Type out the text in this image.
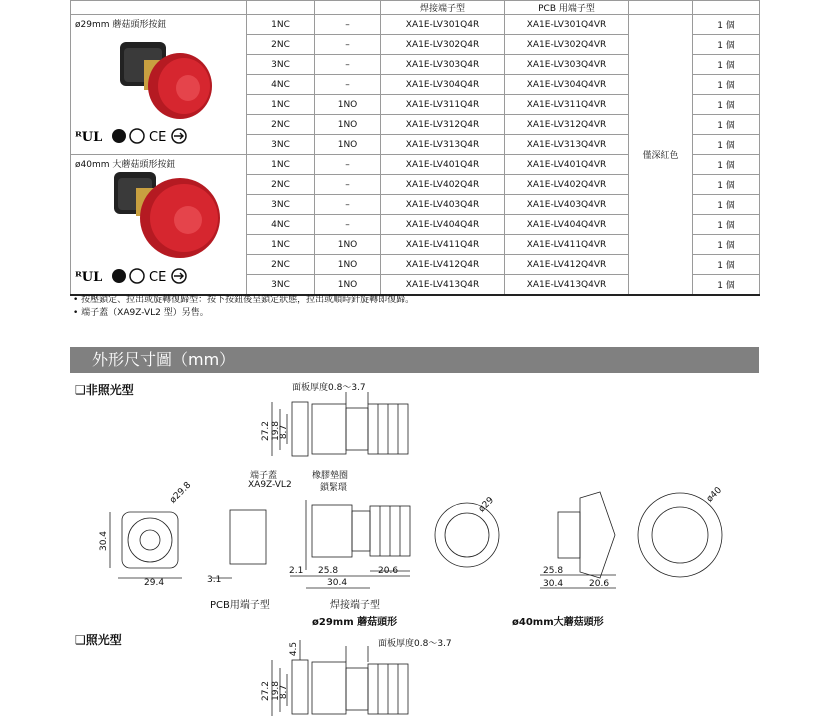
			焊接端子型	PCB 用端子型		

ø29mm 蘑菇頭形按鈕	1NC	–	XA1E-LV301Q4R	XA1E-LV301Q4VR	僅深紅色	1 個
	2NC	–	XA1E-LV302Q4R	XA1E-LV302Q4VR		1 個
	3NC	–	XA1E-LV303Q4R	XA1E-LV303Q4VR		1 個
	4NC	–	XA1E-LV304Q4R	XA1E-LV304Q4VR		1 個
	1NC	1NO	XA1E-LV311Q4R	XA1E-LV311Q4VR		1 個
	2NC	1NO	XA1E-LV312Q4R	XA1E-LV312Q4VR		1 個
	3NC	1NO	XA1E-LV313Q4R	XA1E-LV313Q4VR		1 個

ø40mm 大蘑菇頭形按鈕	1NC	–	XA1E-LV401Q4R	XA1E-LV401Q4VR		1 個
	2NC	–	XA1E-LV402Q4R	XA1E-LV402Q4VR		1 個
	3NC	–	XA1E-LV403Q4R	XA1E-LV403Q4VR		1 個
	4NC	–	XA1E-LV404Q4R	XA1E-LV404Q4VR		1 個
	1NC	1NO	XA1E-LV411Q4R	XA1E-LV411Q4VR		1 個
	2NC	1NO	XA1E-LV412Q4R	XA1E-LV412Q4VR		1 個
	3NC	1NO	XA1E-LV413Q4R	XA1E-LV413Q4VR		1 個
ᴿUL	CE
ᴿUL	CE
• 按壓鎖定、拉出或旋轉復歸型：按下按鈕後呈鎖定狀態，拉出或順時針旋轉即復歸。
• 端子蓋（XA9Z-VL2 型）另售。
外形尺寸圖（mm）
❑非照光型
❑照光型
面板厚度0.8～3.7
27.2 19.8
8.7
端子蓋
XA9Z-VL2
橡膠墊圈
鎖緊環
ø29.8
30.4
29.4	3.1
2.1 25.8	20.6
30.4
ø29
25.8
30.4	20.6
ø40
PCB用端子型	焊接端子型
ø29mm 蘑菇頭形	ø40mm大蘑菇頭形
面板厚度0.8～3.7
4.5
27.2 19.8
8.7
